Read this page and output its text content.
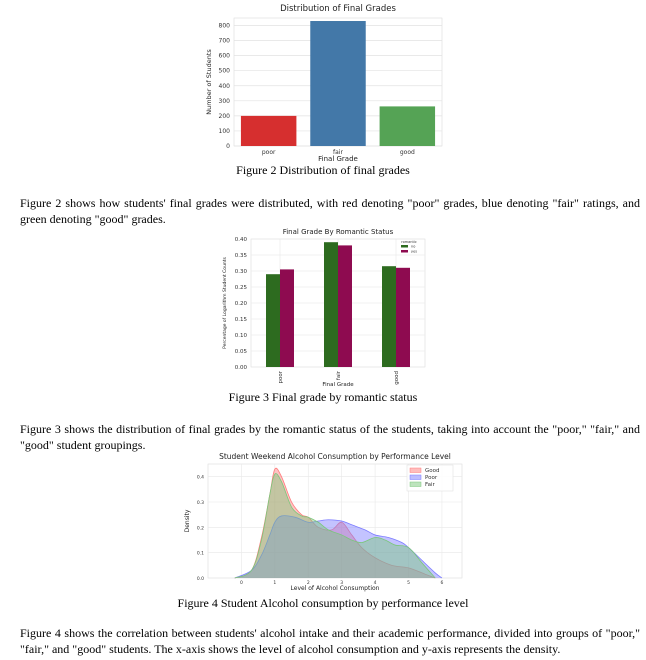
0
100
200
300
400
500
600
700
800
poor	fair	good
Distribution of Final Grades
Final Grade
Number of Students
Figure 2 Distribution of final grades
Figure 2 shows how students' final grades were distributed, with red denoting "poor" grades, blue denoting "fair" ratings, and green denoting "good" grades.
0.00
0.05
0.10
0.15
0.20
0.25
0.30
0.35
0.40
poor	fair	good
romantic
no
yes
Final Grade By Romantic Status
Final Grade
Percentage of Logarithm Student Counts
Figure 3 Final grade by romantic status
Figure 3 shows the distribution of final grades by the romantic status of the students, taking into account the "poor," "fair," and "good" student groupings.
0.0
0.1
0.2
0.3
0.4
0	1	2	3	4	5	6
Good
Poor
Fair
Student Weekend Alcohol Consumption by Performance Level
Level of Alcohol Consumption
Density
Figure 4 Student Alcohol consumption by performance level
Figure 4 shows the correlation between students' alcohol intake and their academic performance, divided into groups of "poor," "fair," and "good" students. The x-axis shows the level of alcohol consumption and y-axis represents the density.
